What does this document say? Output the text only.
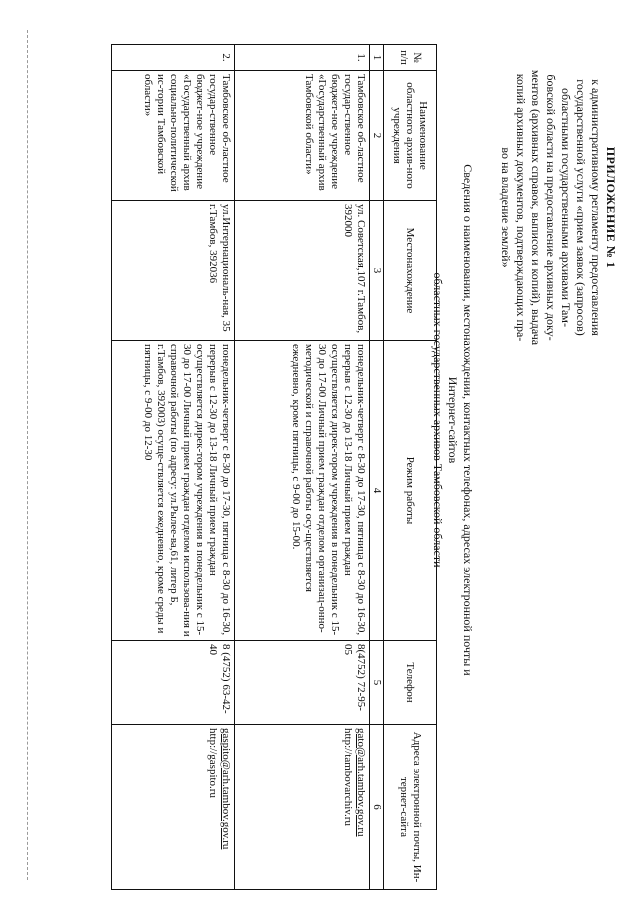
ПРИЛОЖЕНИЕ № 1
к административному регламенту предоставления
государственной услуги «прием заявок (запросов)
областными государственными архивами Там-
бовской области на предоставление архивных доку-
ментов (архивных справок, выписок и копий), выдача
копий архивных документов, подтверждающих пра-
во на владение землей»
Сведения о наименовании, местонахождении, контактных телефонах, адресах электронной почты и Интернет-сайтов
областных государственных архивов Тамбовской области
№ п/п	Наименование областного архив-ного учреждения	Местонахождение	Режим работы	Телефон	Адреса электронной почты, Ин-тернет-сайта
1	2	3	4	5	6
1.	Тамбовское об-ластное государ-ственное бюджет-ное учреждение «Государственный архив Тамбовской области»	ул. Советская,107 г.Тамбов, 392000	понедельник-четверг с 8-30 до 17-30, пятница с 8-30 до 16-30, перерыв с 12-30 до 13-18 Личный прием граждан осуществляется дирек-тором учреждения в понедельник с 15-30 до 17-00 Личный прием граждан отделом организац-онно-методической и справочной работы осу-ществляется ежедневно, кроме пятницы, с 9-00 до 15-00.	8(4752) 72-95-05	gato@arh.tambov.gov.ru
http://tambovarchiv.ru

2.	Тамбовское об-ластное государ-ственное бюджет-ное учреждение «Государственный архив социально-политической ис-тории Тамбовской области»	ул.Интернациональ-ная, 35 г.Тамбов, 392036	понедельник-четверг с 8-30 до 17-30, пятница с 8-30 до 16-30, перерыв с 12-30 до 13-18 Личный прием граждан осуществляется дирек-тором учреждения в понедельник с 15-30 до 17-00 Личный прием граждан отделом использова-ния и справочной работы (по адресу: ул.Рылее-ва,61, литер Б, г.Тамбов, 392003) осуще-ствляется ежедневно, кроме среды и пятницы, с 9-00 до 12-30	8 (4752) 63-42-40	gaspito@arh.tambov.gov.ru
http://gaspito.ru
